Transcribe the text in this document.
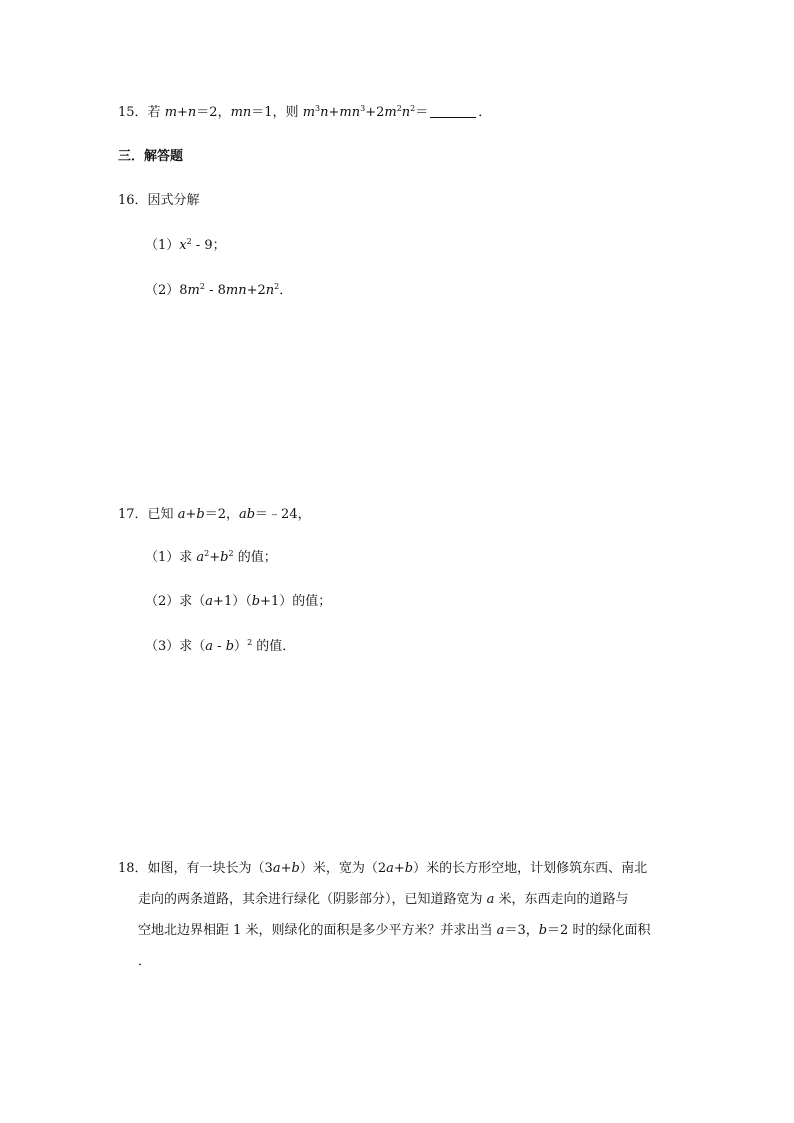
15．若 m+n＝2，mn＝1，则 $m^3n+mn^3+2m^2n^2=$	．
三．解答题
16．因式分解
$(1)x^2 - 9$；
$(2)8m^2 - 8mn+2n^2$．
17．已知 a+b＝2，ab＝﹣24，
（1）求 $a^2+b^2$ 的值；
（2）求（a+1）（b+1）的值；
（3）求（a - b）$^2$ 的值．
18．如图，有一块长为（3a+b）米，宽为（2a+b）米的长方形空地，计划修筑东西、南北

走向的两条道路，其余进行绿化（阴影部分），已知道路宽为 a 米，东西走向的道路与
空地北边界相距 1 米，则绿化的面积是多少平方米？并求出当 a＝3，b＝2 时的绿化面积
．
